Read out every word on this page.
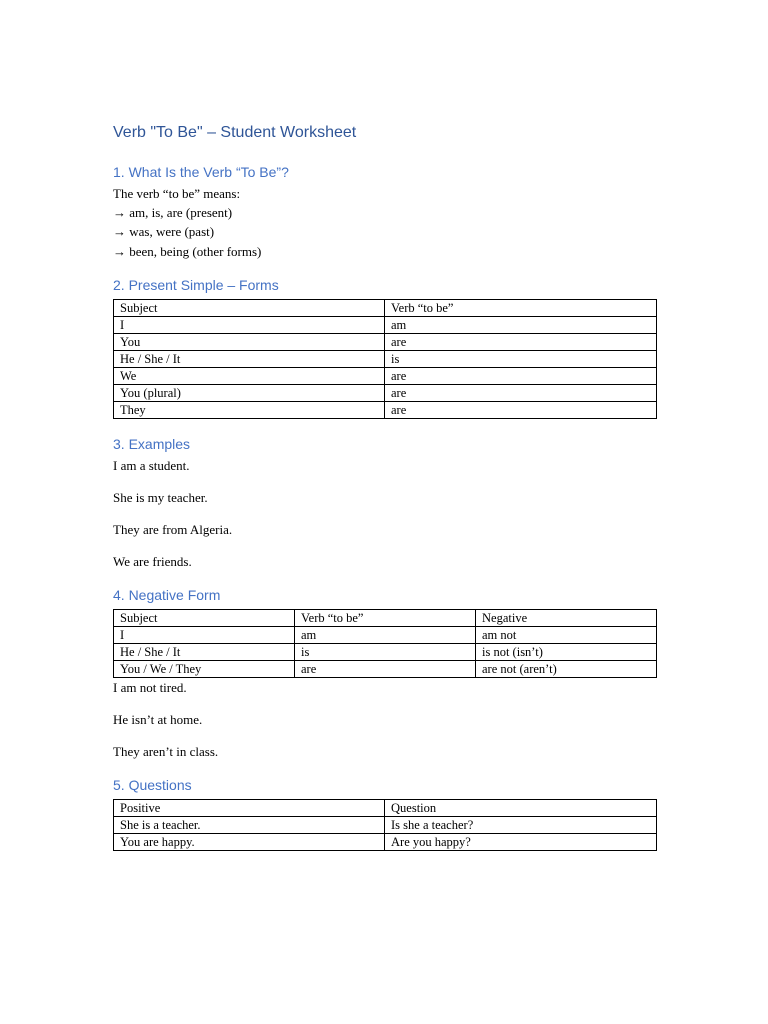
Verb "To Be" – Student Worksheet
1. What Is the Verb “To Be”?

The verb “to be” means:

→ am, is, are (present)

→ was, were (past)

→ been, being (other forms)

2. Present Simple – Forms
Subject	Verb “to be”
I	am
You	are
He / She / It	is
We	are
You (plural)	are
They	are
3. Examples

I am a student.

She is my teacher.

They are from Algeria.

We are friends.

4. Negative Form
Subject	Verb “to be”	Negative
I	am	am not
He / She / It	is	is not (isn’t)
You / We / They	are	are not (aren’t)

I am not tired.

He isn’t at home.

They aren’t in class.

5. Questions
Positive	Question
She is a teacher.	Is she a teacher?
You are happy.	Are you happy?
